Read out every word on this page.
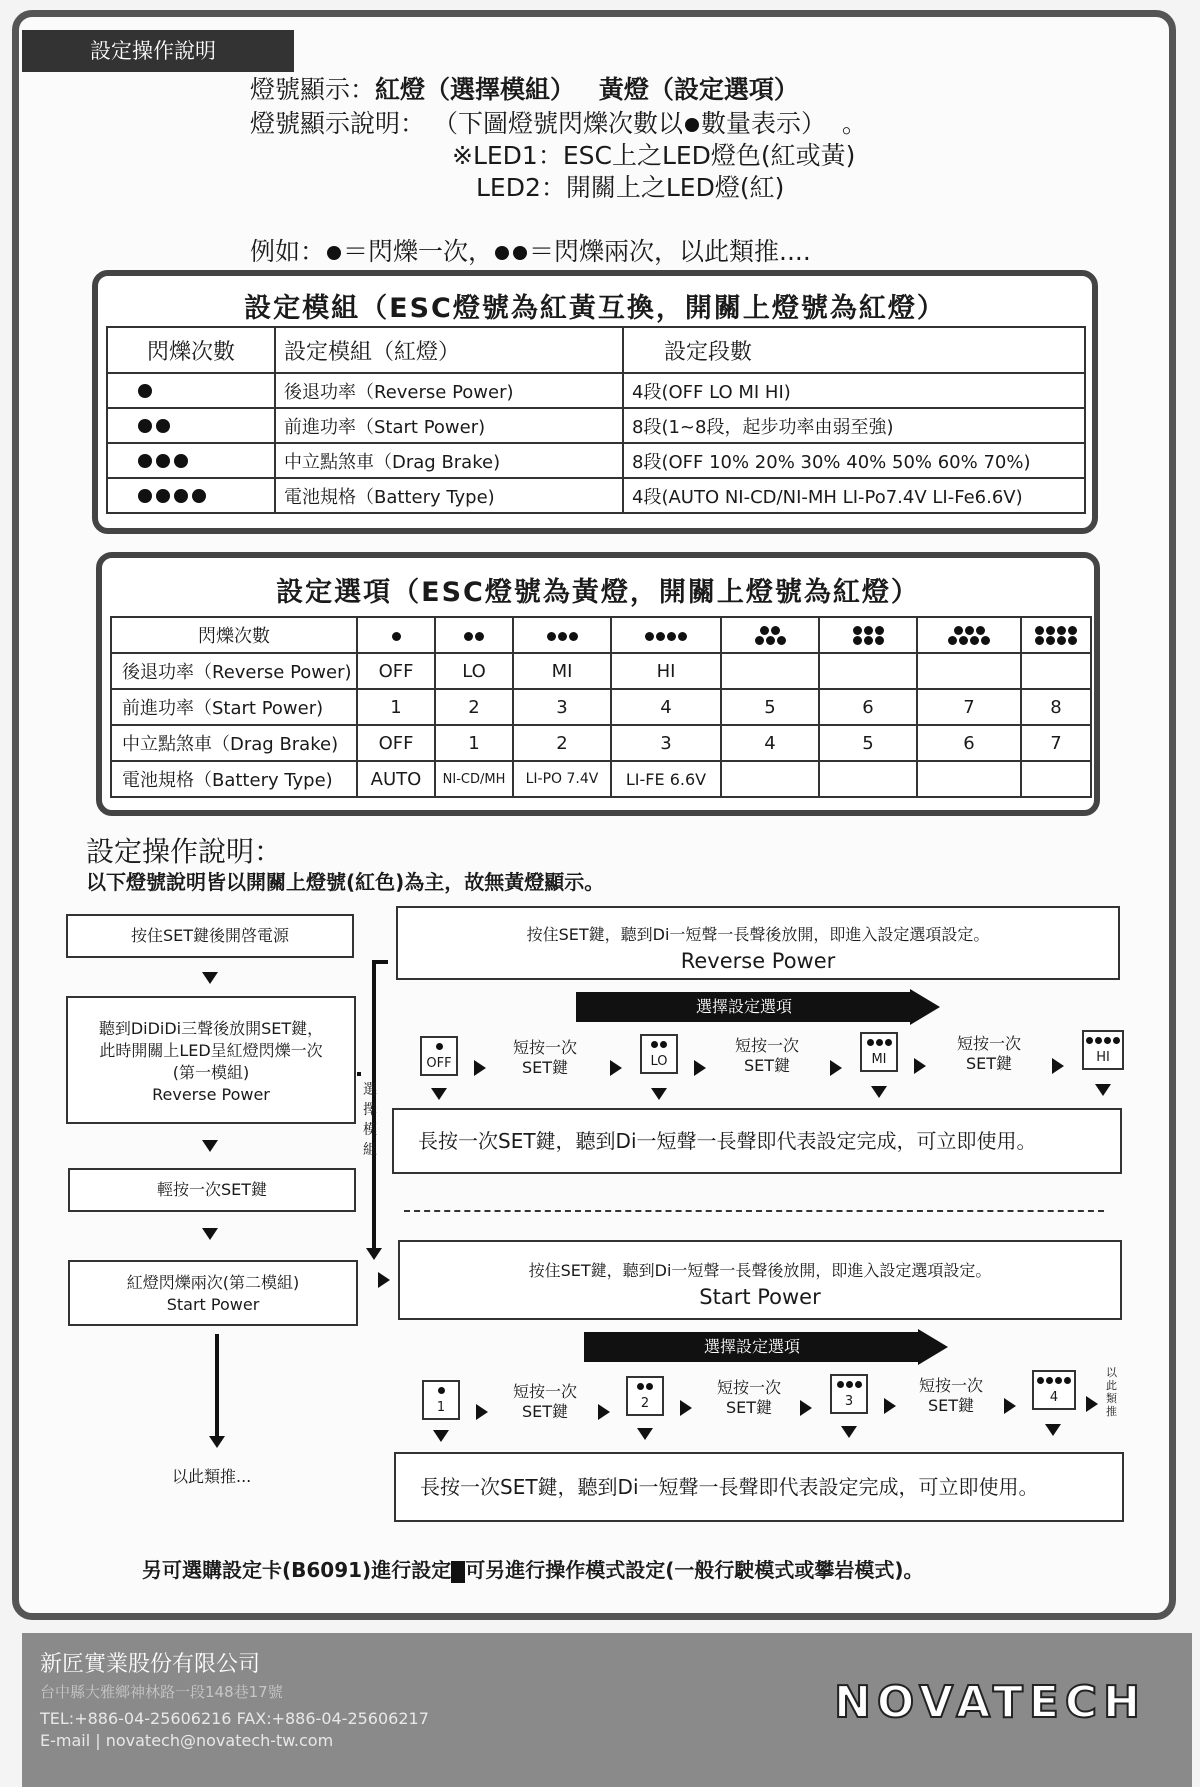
設定操作說明
燈號顯示：紅燈（選擇模組） 黃燈（設定選項）
燈號顯示說明： （下圖燈號閃爍次數以 數量表示） 。
※LED1：ESC上之LED燈色(紅或黃)
LED2：開關上之LED燈(紅)
例如： ＝閃爍一次， ＝閃爍兩次，以此類推....
設定模組（ESC燈號為紅黃互換，開關上燈號為紅燈）
閃爍次數	設定模組（紅燈）	設定段數
	後退功率（Reverse Power)	4段(OFF LO MI HI)
	前進功率（Start Power)	8段(1~8段，起步功率由弱至強)
	中立點煞車（Drag Brake)	8段(OFF 10% 20% 30% 40% 50% 60% 70%)
	電池規格（Battery Type)	4段(AUTO NI-CD/NI-MH LI-Po7.4V LI-Fe6.6V)
設定選項（ESC燈號為黃燈，開關上燈號為紅燈）
閃爍次數					

後退功率（Reverse Power)	OFF	LO	MI	HI				
前進功率（Start Power)	1	2	3	4	5	6	7	8
中立點煞車（Drag Brake)	OFF	1	2	3	4	5	6	7
電池規格（Battery Type)	AUTO	NI-CD/MH	LI-PO 7.4V	LI-FE 6.6V				
設定操作說明：
以下燈號說明皆以開關上燈號(紅色)為主，故無黃燈顯示。
按住SET鍵後開啓電源
聽到DiDiDi三聲後放開SET鍵，
此時開關上LED呈紅燈閃爍一次
(第一模組)
Reverse Power
輕按一次SET鍵
紅燈閃爍兩次(第二模組)
Start Power
以此類推...
選擇模組
按住SET鍵，聽到Di一短聲一長聲後放開，即進入設定選項設定。
Reverse Power
選擇設定選項
OFF
短按一次
SET鍵	LO
短按一次
SET鍵	MI
短按一次
SET鍵	HI
長按一次SET鍵，聽到Di一短聲一長聲即代表設定完成，可立即使用。
按住SET鍵，聽到Di一短聲一長聲後放開，即進入設定選項設定。
Start Power
選擇設定選項
1
短按一次
SET鍵	2
短按一次
SET鍵	3
短按一次
SET鍵	4
以此類推
長按一次SET鍵，聽到Di一短聲一長聲即代表設定完成，可立即使用。
另可選購設定卡(B6091)進行設定 可另進行操作模式設定(一般行駛模式或攀岩模式)。
新匠實業股份有限公司
台中縣大雅鄉神林路一段148巷17號
TEL:+886-04-25606216 FAX:+886-04-25606217
E-mail | novatech@novatech-tw.com
NOVATECH
